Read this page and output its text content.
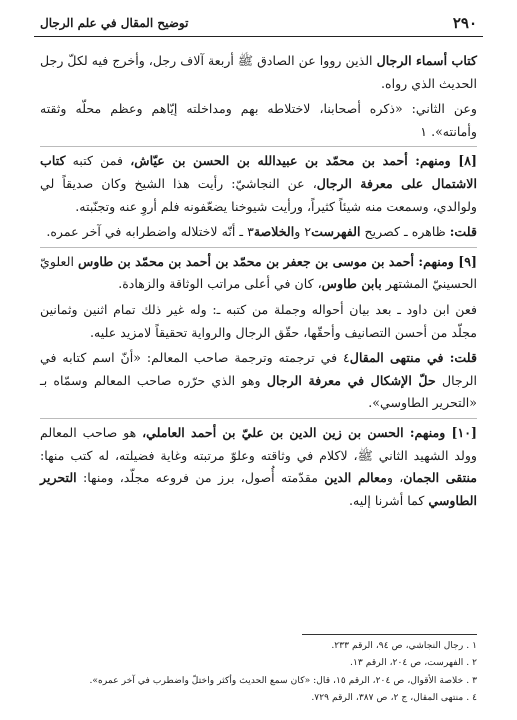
٢٩٠
توضيح المقال في علم الرجال

كتاب أسماء الرجال الذين رووا عن الصادق ﷺ أربعة آلاف رجل، وأخرج فيه لكلّ رجل الحديث الذي رواه.

وعن الثاني: «ذكره أصحابنا، لاختلاطه بهم ومداخلته إيّاهم وعظم محلّه وثقته وأمانته». ١

[٨] ومنهم: أحمد بن محمّد بن عبيدالله بن الحسن بن عيّاش، فمن كتبه كتاب الاشتمال على معرفة الرجال، عن النجاشيّ: رأيت هذا الشيخ وكان صديقاً لي ولوالدي، وسمعت منه شيئاً كثيراً، ورأيت شيوخنا يضعّفونه فلم أروِ عنه وتجنّبته.

قلت: ظاهره ـ كصريح الفهرست٢ والخلاصة٣ ـ أنّه لاختلاله واضطرابه في آخر عمره.

[٩] ومنهم: أحمد بن موسى بن جعفر بن محمّد بن أحمد بن محمّد بن طاوس العلويّ الحسينيّ المشتهر بابن طاوس، كان في أعلى مراتب الوثاقة والزهادة.

فعن ابن داود ـ بعد بيان أحواله وجملة من كتبه ـ: وله غير ذلك تمام اثنين وثمانين مجلّد من أحسن التصانيف وأحقّها، حقّق الرجال والرواية تحقيقاً لامزيد عليه.

قلت: في منتهى المقال٤ في ترجمته وترجمة صاحب المعالم: «أنّ اسم كتابه في الرجال حلّ الإشكال في معرفة الرجال وهو الذي حرّره صاحب المعالم وسمّاه بـ «التحرير الطاوسي».

[١٠] ومنهم: الحسن بن زين الدين بن عليّ بن أحمد العاملي، هو صاحب المعالم وولد الشهيد الثاني ﷺ، لاكلام في وثاقته وعلوّ مرتبته وغاية فضيلته، له كتب منها: منتقى الجمان، ومعالم الدين مقدّمته أُصول، برز من فروعه مجلّد، ومنها: التحرير الطاوسي كما أشرنا إليه.

١ . رجال النجاشي، ص ٩٤، الرقم ٢٣٣.
٢ . الفهرست، ص ٢٠٤، الرقم ١٣.
٣ . خلاصة الأقوال، ص ٢٠٤، الرقم ١٥، قال: «كان سمع الحديث وأكثر واختلّ واضطرب في آخر عمره».
٤ . منتهى المقال، ج ٢، ص ٣٨٧، الرقم ٧٢٩.
